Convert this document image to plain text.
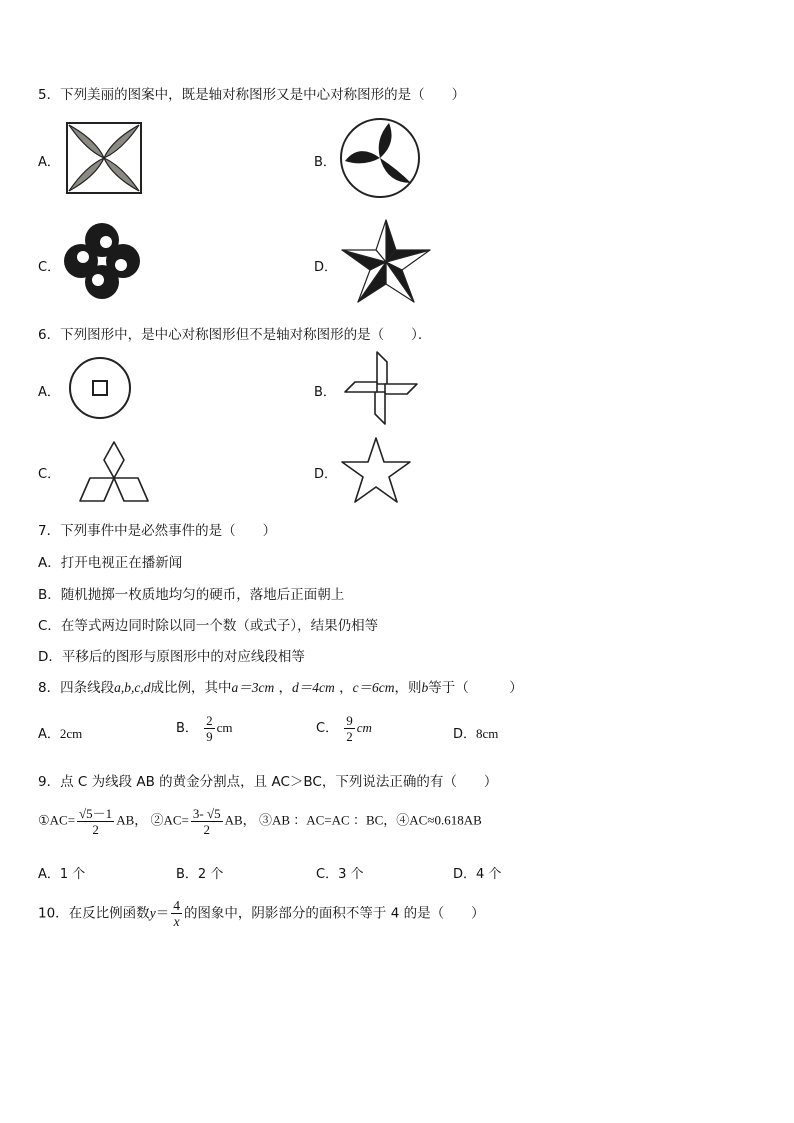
5．下列美丽的图案中，既是轴对称图形又是中心对称图形的是（　　）
A．	B．
C．	D．
6．下列图形中，是中心对称图形但不是轴对称图形的是（　　）．
A．	B．
C．	D．
7．下列事件中是必然事件的是（　　）
A．打开电视正在播新闻
B．随机抛掷一枚质地均匀的硬币，落地后正面朝上
C．在等式两边同时除以同一个数（或式子），结果仍相等
D．平移后的图形与原图形中的对应线段相等
8．四条线段a,b,c,d成比例，其中a＝3cm ，d＝4cm ，c＝6cm，则b等于（　　　）
A．2cm	B． $\frac{2}{9}$ cm	C． $\frac{9}{2}$ cm	D．8cm
9．点 C 为线段 AB 的黄金分割点，且 AC＞BC，下列说法正确的有（　　）
①AC= $\frac{√5-1}{2}$ AB， ②AC= $\frac{3- √5}{2}$ AB， ③AB ：AC=AC ：BC，④AC≈0.618AB
A．1 个	B．2 个	C．3 个	D．4 个
10．在反比例函数$y= \frac{4}{x}$ 的图象中，阴影部分的面积不等于 4 的是（　　）
